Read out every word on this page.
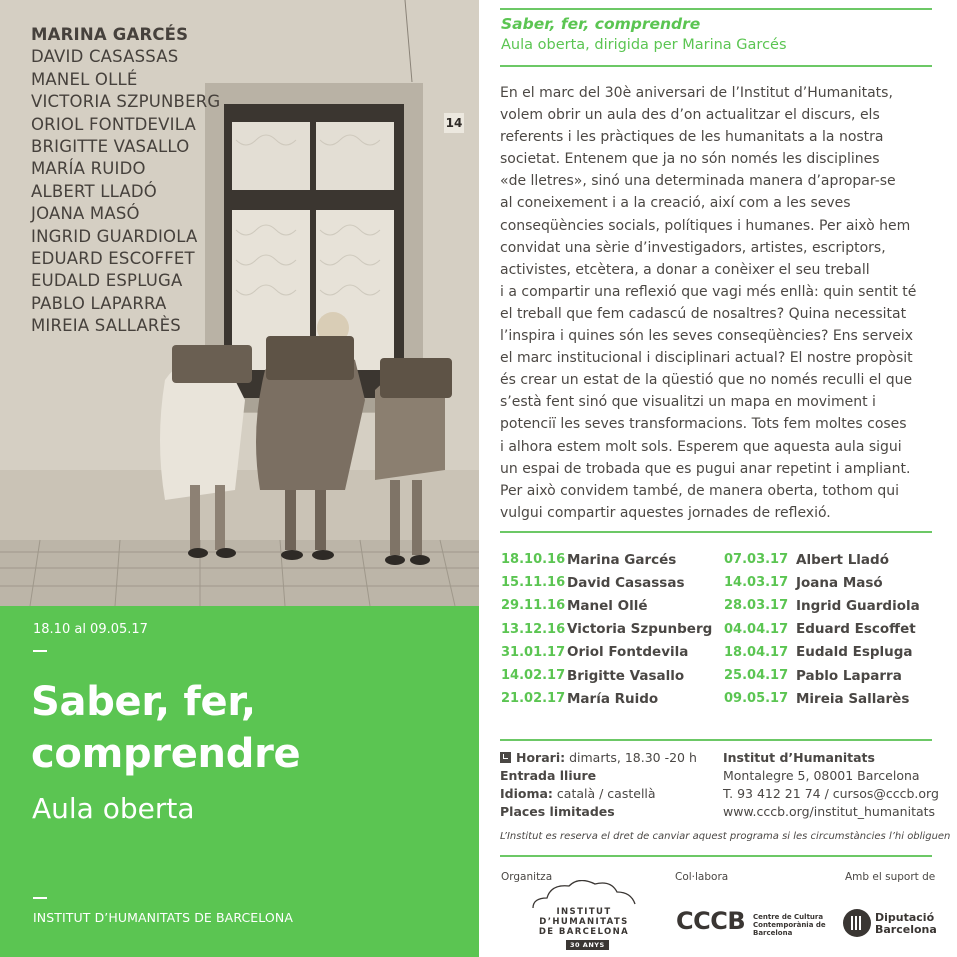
MARINA GARCÉS
DAVID CASASSAS
MANEL OLLÉ
VICTORIA SZPUNBERG
ORIOL FONTDEVILA
BRIGITTE VASALLO
MARÍA RUIDO
ALBERT LLADÓ
JOANA MASÓ
INGRID GUARDIOLA
EDUARD ESCOFFET
EUDALD ESPLUGA
PABLO LAPARRA
MIREIA SALLARÈS
14
18.10 al 09.05.17
Saber, fer,
comprendre
Aula oberta
INSTITUT D’HUMANITATS DE BARCELONA
Saber, fer, comprendre
Aula oberta, dirigida per Marina Garcés

En el marc del 30è aniversari de l’Institut d’Humanitats,

volem obrir un aula des d’on actualitzar el discurs, els

referents i les pràctiques de les humanitats a la nostra

societat. Entenem que ja no són només les disciplines

«de lletres», sinó una determinada manera d’apropar-se

al coneixement i a la creació, així com a les seves

conseqüències socials, polítiques i humanes. Per això hem

convidat una sèrie d’investigadors, artistes, escriptors,

activistes, etcètera, a donar a conèixer el seu treball

i a compartir una reflexió que vagi més enllà: quin sentit té

el treball que fem cadascú de nosaltres? Quina necessitat

l’inspira i quines són les seves conseqüències? Ens serveix

el marc institucional i disciplinari actual? El nostre propòsit

és crear un estat de la qüestió que no només reculli el que

s’està fent sinó que visualitzi un mapa en moviment i

potenciï les seves transformacions. Tots fem moltes coses

i alhora estem molt sols. Esperem que aquesta aula sigui

un espai de trobada que es pugui anar repetint i ampliant.

Per això convidem també, de manera oberta, tothom qui

vulgui compartir aquestes jornades de reflexió.

18.10.16 Marina Garcés
15.11.16 David Casassas
29.11.16 Manel Ollé
13.12.16 Victoria Szpunberg
31.01.17 Oriol Fontdevila
14.02.17 Brigitte Vasallo
21.02.17 María Ruido
07.03.17 Albert Lladó
14.03.17 Joana Masó
28.03.17 Ingrid Guardiola
04.04.17 Eduard Escoffet
18.04.17 Eudald Espluga
25.04.17 Pablo Laparra
09.05.17 Mireia Sallarès
Horari: dimarts, 18.30 -20 h
Entrada lliure
Idioma: català / castellà
Places limitades
Institut d’Humanitats
Montalegre 5, 08001 Barcelona
T. 93 412 21 74 / cursos@cccb.org
www.cccb.org/institut_humanitats
L’Institut es reserva el dret de canviar aquest programa si les circumstàncies l’hi obliguen
Organitza	Col·labora	Amb el suport de
INSTITUT
D’HUMANITATS
DE BARCELONA
30 ANYS
CCCB Centre de Cultura Contemporània de Barcelona
Diputació
Barcelona
